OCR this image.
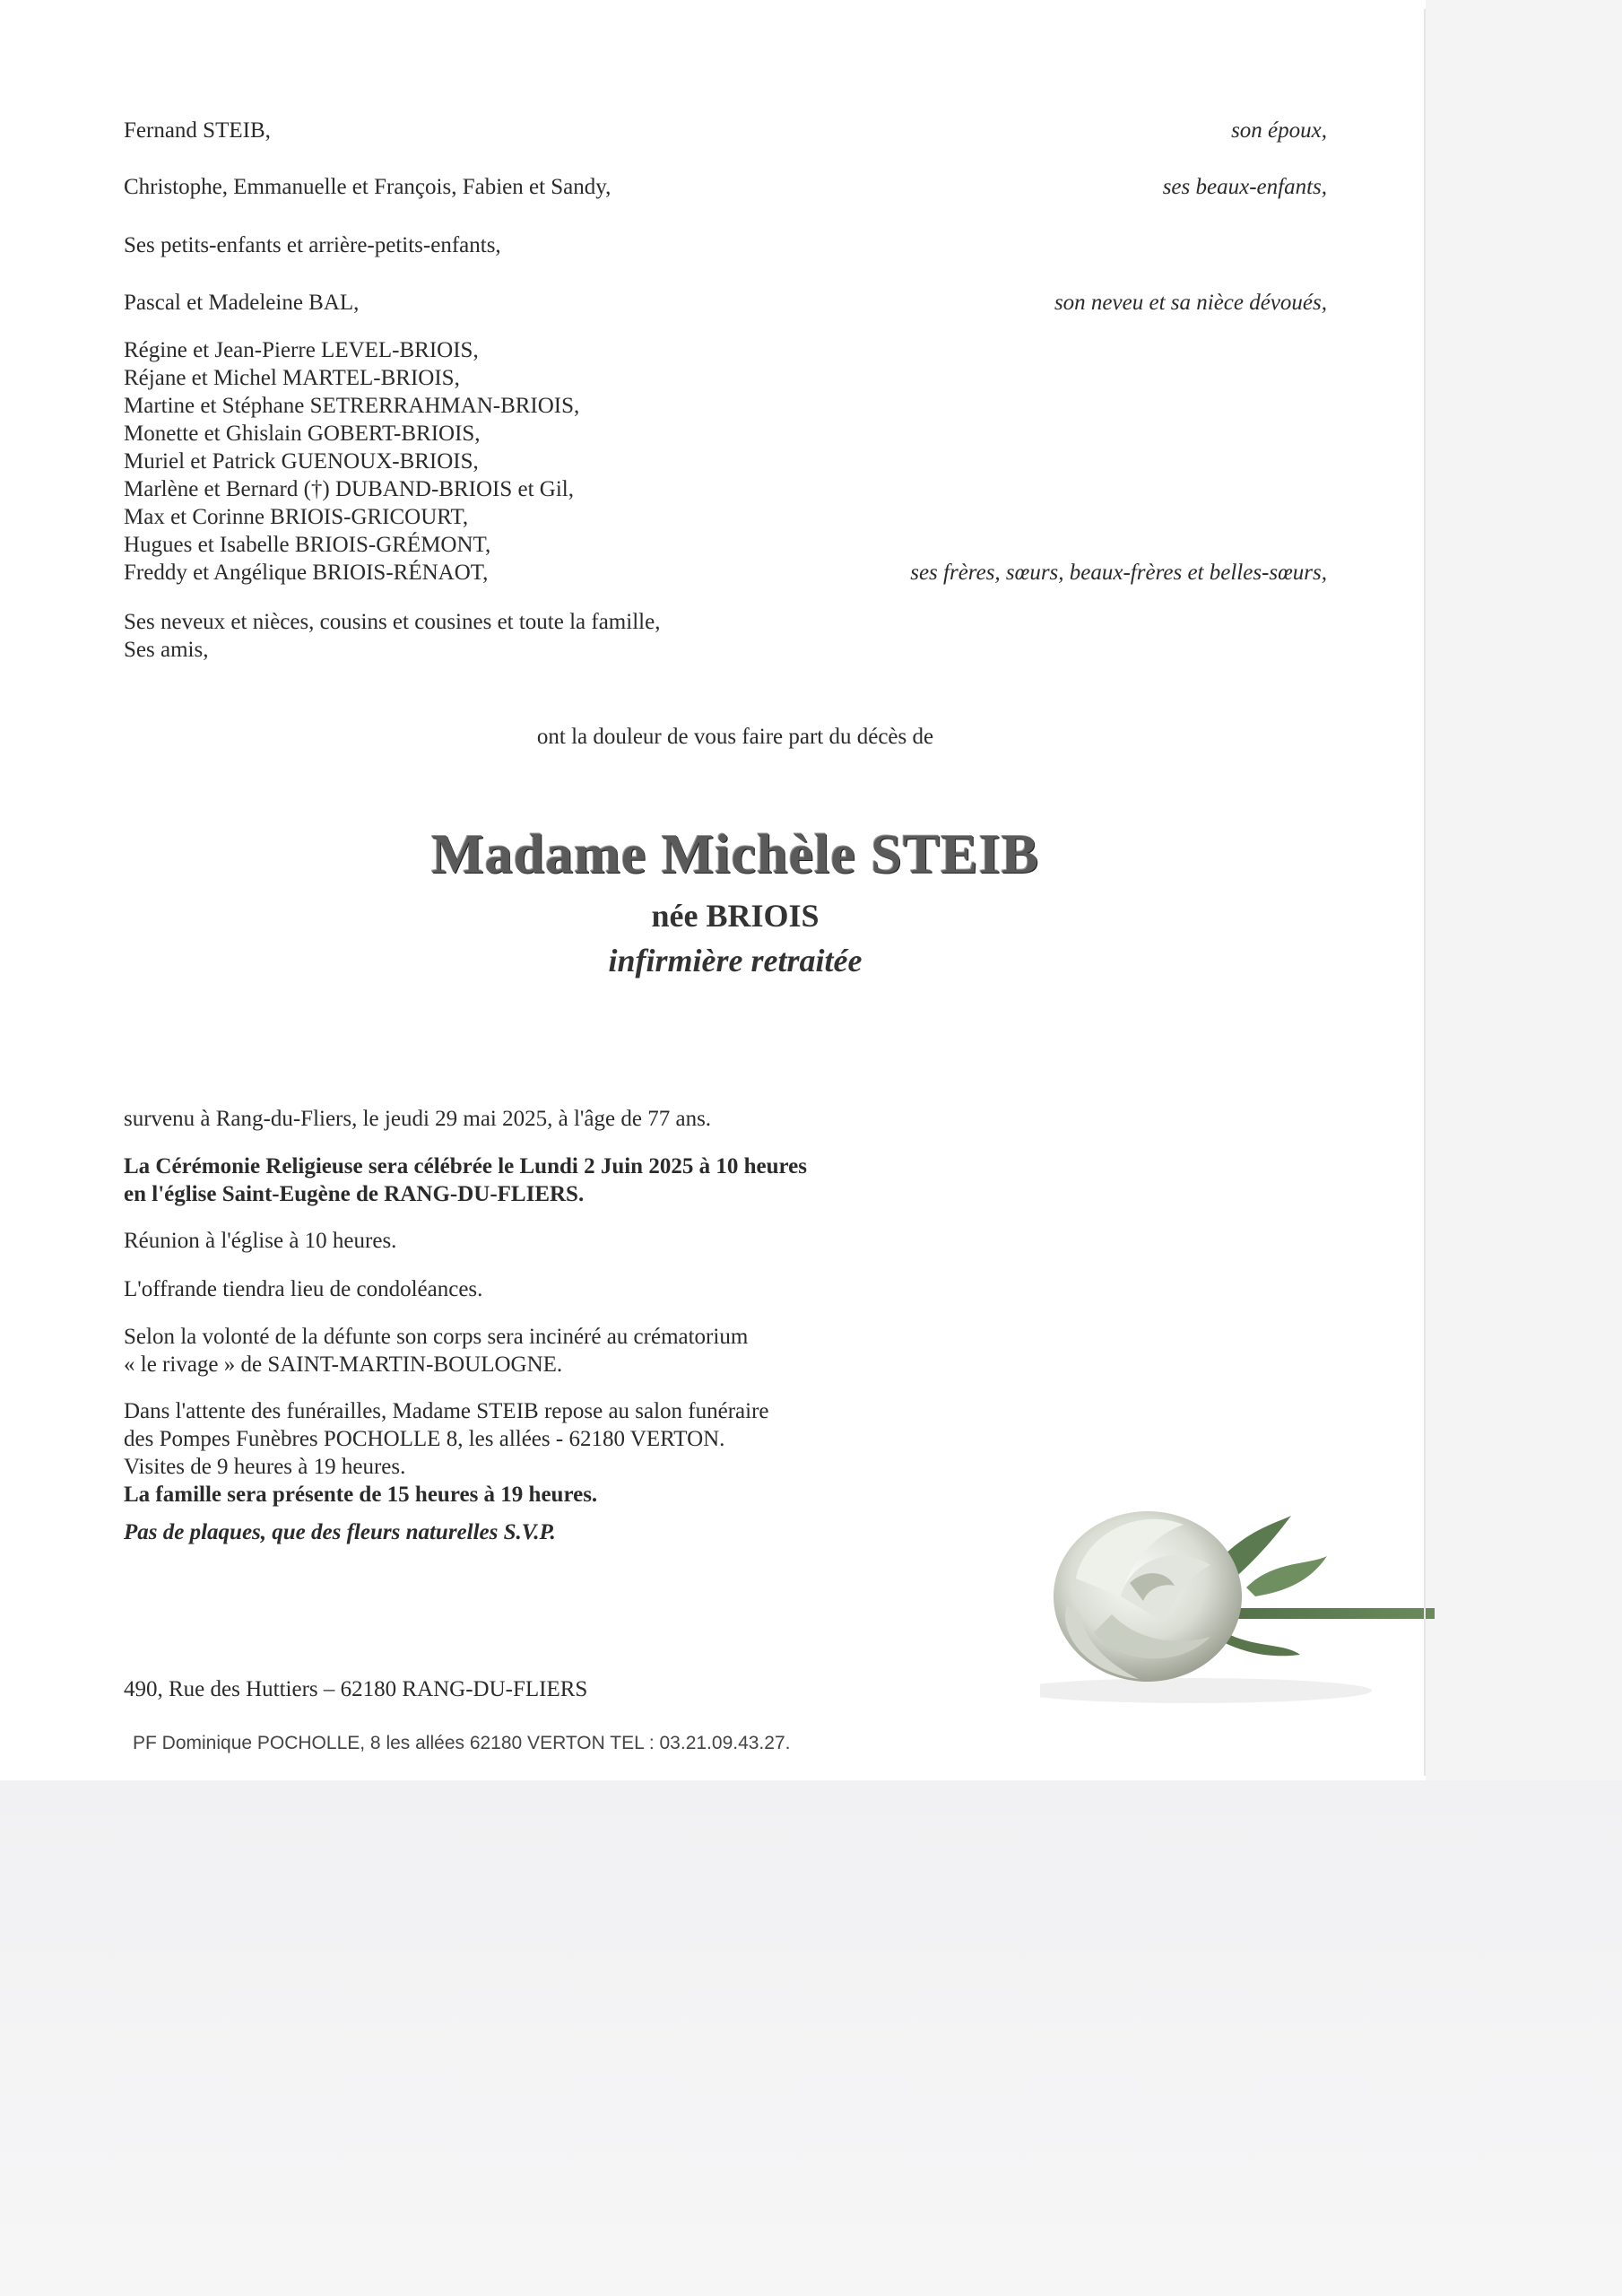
Fernand STEIB,	son époux,
Christophe, Emmanuelle et François, Fabien et Sandy,	ses beaux-enfants,
Ses petits-enfants et arrière-petits-enfants,
Pascal et Madeleine BAL,	son neveu et sa nièce dévoués,
Régine et Jean-Pierre LEVEL-BRIOIS,
Réjane et Michel MARTEL-BRIOIS,
Martine et Stéphane SETRERRAHMAN-BRIOIS,
Monette et Ghislain GOBERT-BRIOIS,
Muriel et Patrick GUENOUX-BRIOIS,
Marlène et Bernard (†) DUBAND-BRIOIS et Gil,
Max et Corinne BRIOIS-GRICOURT,
Hugues et Isabelle BRIOIS-GRÉMONT,
Freddy et Angélique BRIOIS-RÉNAOT,	ses frères, sœurs, beaux-frères et belles-sœurs,
Ses neveux et nièces, cousins et cousines et toute la famille,
Ses amis,
ont la douleur de vous faire part du décès de
Madame Michèle STEIB
née BRIOIS
infirmière retraitée
survenu à Rang-du-Fliers, le jeudi 29 mai 2025, à l'âge de 77 ans.
La Cérémonie Religieuse sera célébrée le Lundi 2 Juin 2025 à 10 heures
en l'église Saint-Eugène de RANG-DU-FLIERS.
Réunion à l'église à 10 heures.
L'offrande tiendra lieu de condoléances.
Selon la volonté de la défunte son corps sera incinéré au crématorium
« le rivage » de SAINT-MARTIN-BOULOGNE.
Dans l'attente des funérailles, Madame STEIB repose au salon funéraire
des Pompes Funèbres POCHOLLE 8, les allées - 62180 VERTON.
Visites de 9 heures à 19 heures.
La famille sera présente de 15 heures à 19 heures.
Pas de plaques, que des fleurs naturelles S.V.P.
490, Rue des Huttiers – 62180 RANG-DU-FLIERS
PF Dominique POCHOLLE, 8 les allées 62180 VERTON TEL : 03.21.09.43.27.
